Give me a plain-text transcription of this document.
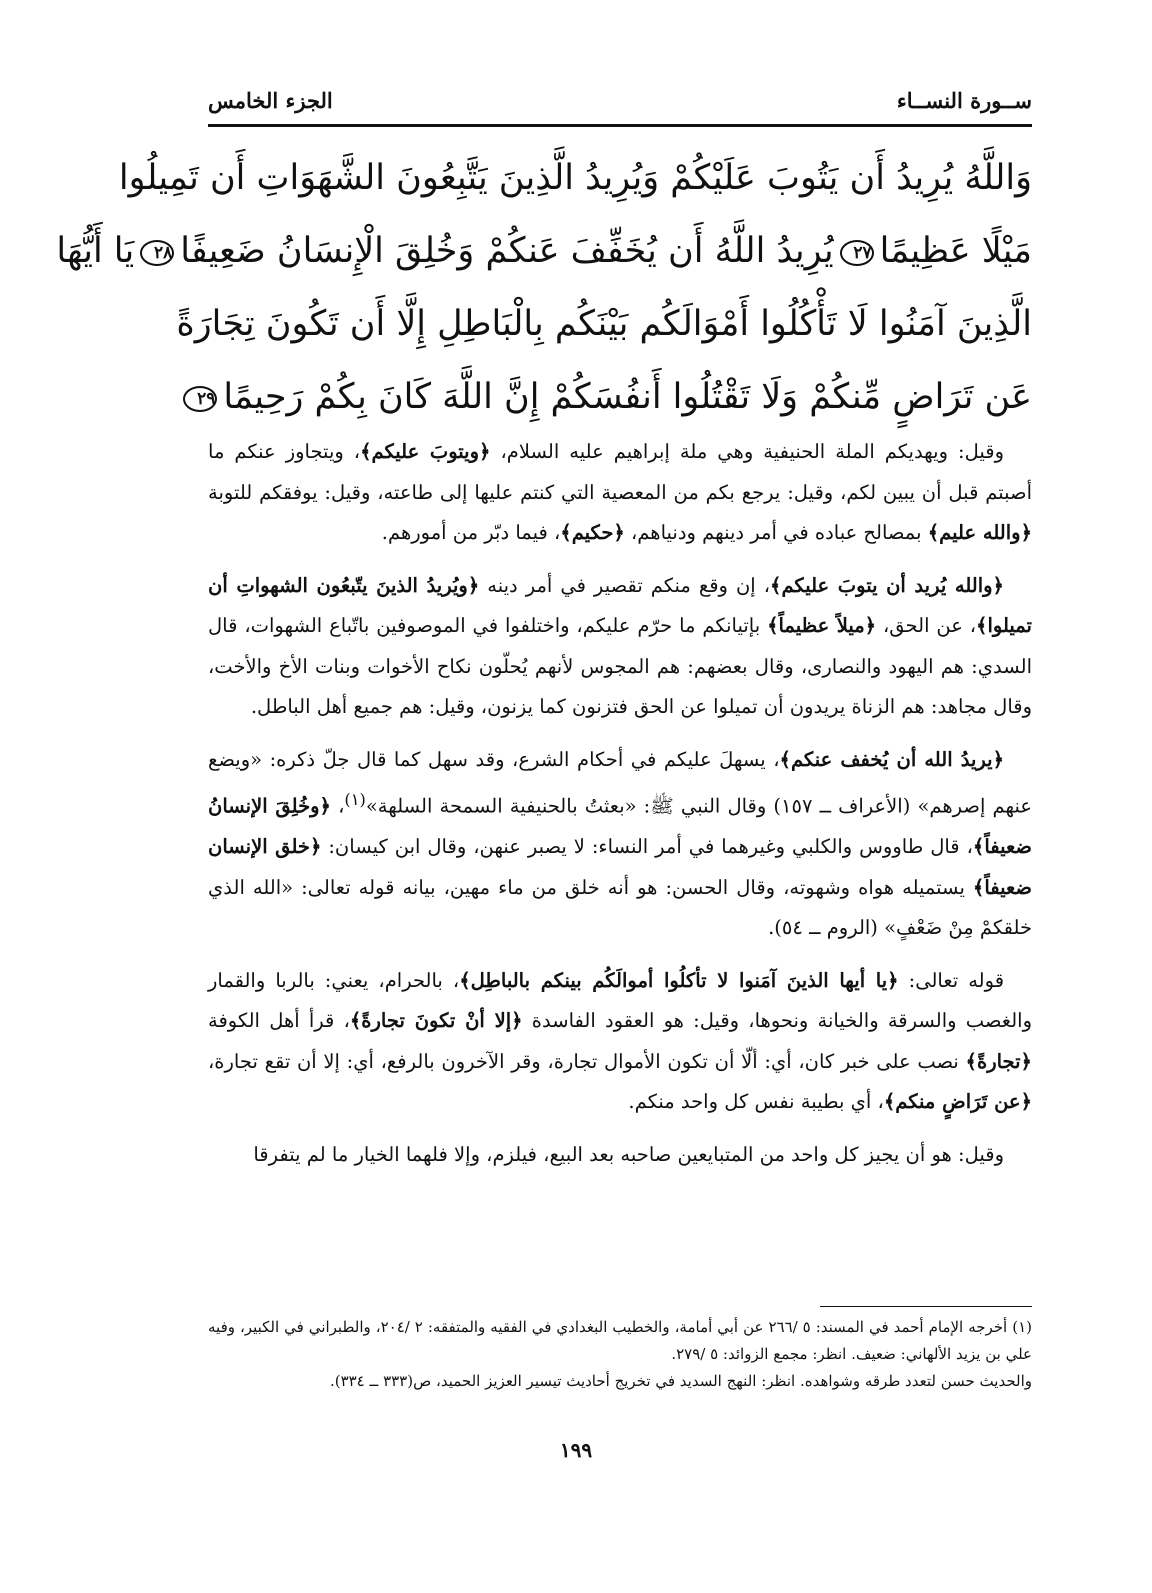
ســورة النســاء
الجزء الخامس
وَاللَّهُ يُرِيدُ أَن يَتُوبَ عَلَيْكُمْ وَيُرِيدُ الَّذِينَ يَتَّبِعُونَ الشَّهَوَاتِ أَن تَمِيلُوا
مَيْلًا عَظِيمًا٢٧يُرِيدُ اللَّهُ أَن يُخَفِّفَ عَنكُمْ وَخُلِقَ الْإِنسَانُ ضَعِيفًا٢٨يَا أَيُّهَا
الَّذِينَ آمَنُوا لَا تَأْكُلُوا أَمْوَالَكُم بَيْنَكُم بِالْبَاطِلِ إِلَّا أَن تَكُونَ تِجَارَةً
عَن تَرَاضٍ مِّنكُمْ وَلَا تَقْتُلُوا أَنفُسَكُمْ إِنَّ اللَّهَ كَانَ بِكُمْ رَحِيمًا٢٩

وقيل: ويهديكم الملة الحنيفية وهي ملة إبراهيم عليه السلام، ﴿ويتوبَ عليكم﴾، ويتجاوز عنكم ما أصبتم قبل أن يبين لكم، وقيل: يرجع بكم من المعصية التي كنتم عليها إلى طاعته، وقيل: يوفقكم للتوبة ﴿والله عليم﴾ بمصالح عباده في أمر دينهم ودنياهم، ﴿حكيم﴾، فيما دبّر من أمورهم.

﴿والله يُريد أن يتوبَ عليكم﴾، إن وقع منكم تقصير في أمر دينه ﴿ويُريدُ الذينَ يتّبعُون الشهواتِ أن تميلوا﴾، عن الحق، ﴿ميلاً عظيماً﴾ بإتيانكم ما حرّم عليكم، واختلفوا في الموصوفين باتّباع الشهوات، قال السدي: هم اليهود والنصارى، وقال بعضهم: هم المجوس لأنهم يُحلّون نكاح الأخوات وبنات الأخ والأخت، وقال مجاهد: هم الزناة يريدون أن تميلوا عن الحق فتزنون كما يزنون، وقيل: هم جميع أهل الباطل.

﴿يريدُ الله أن يُخفف عنكم﴾، يسهلَ عليكم في أحكام الشرع، وقد سهل كما قال جلّ ذكره: «ويضع عنهم إصرهم» (الأعراف ــ ١٥٧) وقال النبي ﷺ: «بعثتُ بالحنيفية السمحة السلهة»$^{(١)}$، ﴿وخُلِقَ الإنسانُ ضعيفاً﴾، قال طاووس والكلبي وغيرهما في أمر النساء: لا يصبر عنهن، وقال ابن كيسان: ﴿خلق الإنسان ضعيفاً﴾ يستميله هواه وشهوته، وقال الحسن: هو أنه خلق من ماء مهين، بيانه قوله تعالى: «الله الذي خلقكمْ مِنْ ضَعْفٍ» (الروم ــ ٥٤).

قوله تعالى: ﴿يا أيها الذينَ آمَنوا لا تأكلُوا أموالَكُم بينكم بالباطِل﴾، بالحرام، يعني: بالربا والقمار والغصب والسرقة والخيانة ونحوها، وقيل: هو العقود الفاسدة ﴿إلا أنْ تكونَ تجارةً﴾، قرأ أهل الكوفة ﴿تجارةً﴾ نصب على خبر كان، أي: ألّا أن تكون الأموال تجارة، وقر الآخرون بالرفع، أي: إلا أن تقع تجارة، ﴿عن تَرَاضٍ منكم﴾، أي بطيبة نفس كل واحد منكم.

وقيل: هو أن يجيز كل واحد من المتبايعين صاحبه بعد البيع، فيلزم، وإلا فلهما الخيار ما لم يتفرقا

(١) أخرجه الإمام أحمد في المسند: ٥ /٢٦٦ عن أبي أمامة، والخطيب البغدادي في الفقيه والمتفقه: ٢ /٢٠٤، والطبراني في الكبير، وفيه علي بن يزيد الألهاني: ضعيف. انظر: مجمع الزوائد: ٥ /٢٧٩.

والحديث حسن لتعدد طرقه وشواهده. انظر: النهج السديد في تخريج أحاديث تيسير العزيز الحميد، ص(٣٣٣ ــ ٣٣٤).

١٩٩
